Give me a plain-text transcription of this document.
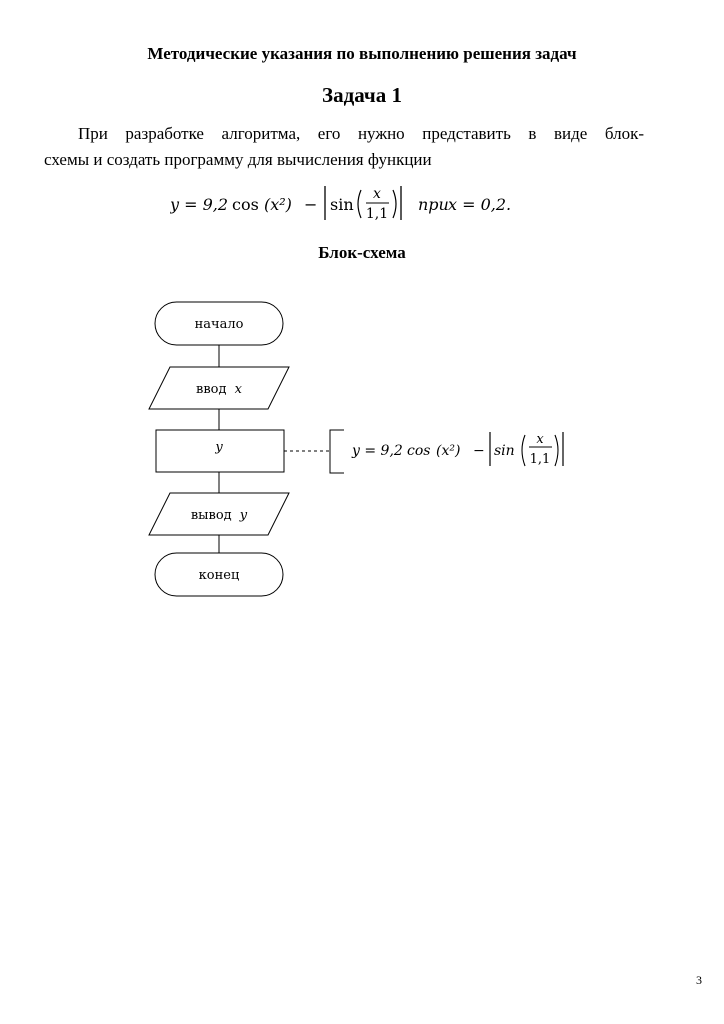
Методические указания по выполнению решения задач
Задача 1
При разработке алгоритма, его нужно представить в виде блок-
схемы и создать программу для вычисления функции
y = 9,2 cos (x²) − sin
x
1,1 при x = 0,2.
Блок-схема
начало
ввод x
y	y = 9,2 cos (x²) − sin
x
1,1
вывод y
конец
3
